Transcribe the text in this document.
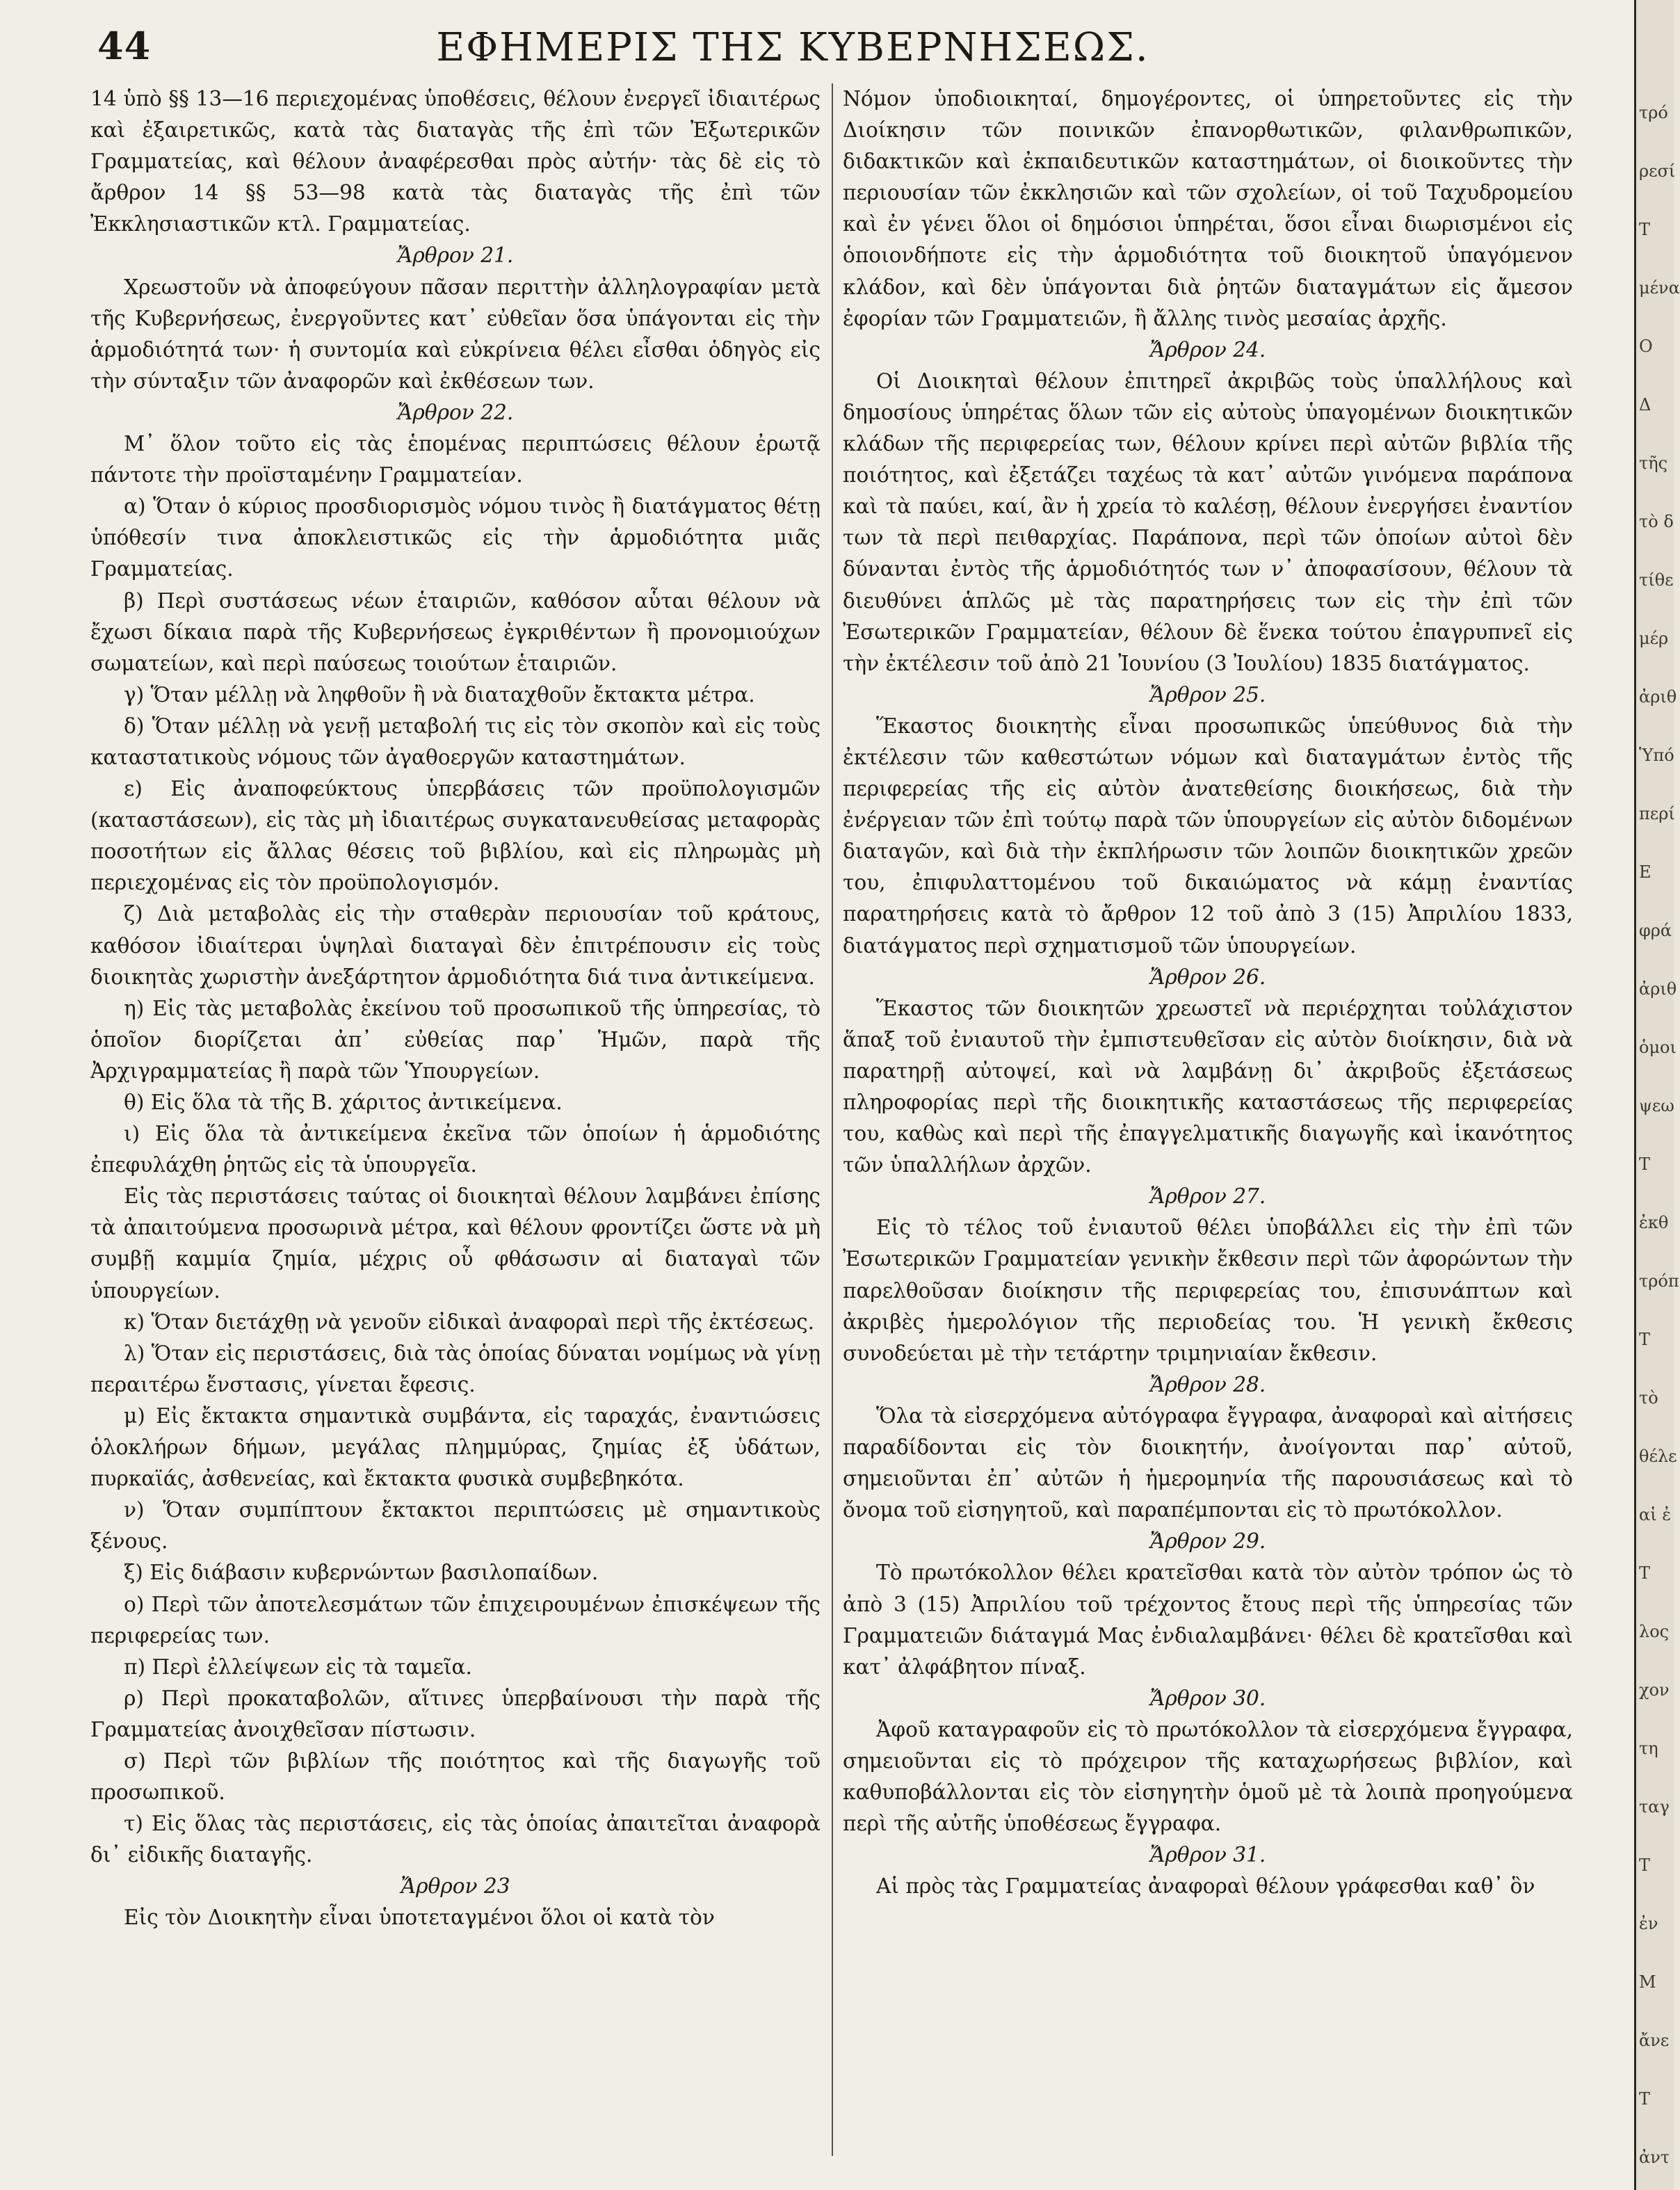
44	ΕΦΗΜΕΡΙΣ ΤΗΣ ΚΥΒΕΡΝΗΣΕΩΣ.

14 ὑπὸ §§ 13—16 περιεχομένας ὑποθέσεις, θέλουν ἐνεργεῖ ἰδιαιτέρως καὶ ἐξαιρετικῶς, κατὰ τὰς διαταγὰς τῆς ἐπὶ τῶν Ἐξωτερικῶν Γραμματείας, καὶ θέλουν ἀναφέρεσθαι πρὸς αὐτήν· τὰς δὲ εἰς τὸ ἄρθρον 14 §§ 53—98 κατὰ τὰς διαταγὰς τῆς ἐπὶ τῶν Ἐκκλησιαστικῶν κτλ. Γραμματείας.

Ἄρθρον 21.

Χρεωστοῦν νὰ ἀποφεύγουν πᾶσαν περιττὴν ἀλληλογραφίαν μετὰ τῆς Κυβερνήσεως, ἐνεργοῦντες κατ᾽ εὐθεῖαν ὅσα ὑπάγονται εἰς τὴν ἁρμοδιότητά των· ἡ συντομία καὶ εὐκρίνεια θέλει εἶσθαι ὁδηγὸς εἰς τὴν σύνταξιν τῶν ἀναφορῶν καὶ ἐκθέσεων των.

Ἄρθρον 22.

Μ᾽ ὅλον τοῦτο εἰς τὰς ἑπομένας περιπτώσεις θέλουν ἐρωτᾷ πάντοτε τὴν προϊσταμένην Γραμματείαν.

α) Ὅταν ὁ κύριος προσδιορισμὸς νόμου τινὸς ἢ διατάγματος θέτῃ ὑπόθεσίν τινα ἀποκλειστικῶς εἰς τὴν ἁρμοδιότητα μιᾶς Γραμματείας.

β) Περὶ συστάσεως νέων ἑταιριῶν, καθόσον αὗται θέλουν νὰ ἔχωσι δίκαια παρὰ τῆς Κυβερνήσεως ἐγκριθέντων ἢ προνομιούχων σωματείων, καὶ περὶ παύσεως τοιούτων ἑταιριῶν.

γ) Ὅταν μέλλῃ νὰ ληφθοῦν ἢ νὰ διαταχθοῦν ἔκτακτα μέτρα.

δ) Ὅταν μέλλῃ νὰ γενῇ μεταβολή τις εἰς τὸν σκοπὸν καὶ εἰς τοὺς καταστατικοὺς νόμους τῶν ἀγαθοεργῶν καταστημάτων.

ε) Εἰς ἀναποφεύκτους ὑπερβάσεις τῶν προϋπολογισμῶν (καταστάσεων), εἰς τὰς μὴ ἰδιαιτέρως συγκατανευθείσας μεταφορὰς ποσοτήτων εἰς ἄλλας θέσεις τοῦ βιβλίου, καὶ εἰς πληρωμὰς μὴ περιεχομένας εἰς τὸν προϋπολογισμόν.

ζ) Διὰ μεταβολὰς εἰς τὴν σταθερὰν περιουσίαν τοῦ κράτους, καθόσον ἰδιαίτεραι ὑψηλαὶ διαταγαὶ δὲν ἐπιτρέπουσιν εἰς τοὺς διοικητὰς χωριστὴν ἀνεξάρτητον ἁρμοδιότητα διά τινα ἀντικείμενα.

η) Εἰς τὰς μεταβολὰς ἐκείνου τοῦ προσωπικοῦ τῆς ὑπηρεσίας, τὸ ὁποῖον διορίζεται ἀπ᾽ εὐθείας παρ᾽ Ἡμῶν, παρὰ τῆς Ἀρχιγραμματείας ἢ παρὰ τῶν Ὑπουργείων.

θ) Εἰς ὅλα τὰ τῆς Β. χάριτος ἀντικείμενα.

ι) Εἰς ὅλα τὰ ἀντικείμενα ἐκεῖνα τῶν ὁποίων ἡ ἁρμοδιότης ἐπεφυλάχθη ῥητῶς εἰς τὰ ὑπουργεῖα.

Εἰς τὰς περιστάσεις ταύτας οἱ διοικηταὶ θέλουν λαμβάνει ἐπίσης τὰ ἀπαιτούμενα προσωρινὰ μέτρα, καὶ θέλουν φροντίζει ὥστε νὰ μὴ συμβῇ καμμία ζημία, μέχρις οὗ φθάσωσιν αἱ διαταγαὶ τῶν ὑπουργείων.

κ) Ὅταν διετάχθῃ νὰ γενοῦν εἰδικαὶ ἀναφοραὶ περὶ τῆς ἐκτέσεως.

λ) Ὅταν εἰς περιστάσεις, διὰ τὰς ὁποίας δύναται νομίμως νὰ γίνῃ περαιτέρω ἔνστασις, γίνεται ἔφεσις.

μ) Εἰς ἔκτακτα σημαντικὰ συμβάντα, εἰς ταραχάς, ἐναντιώσεις ὁλοκλήρων δήμων, μεγάλας πλημμύρας, ζημίας ἐξ ὑδάτων, πυρκαϊάς, ἀσθενείας, καὶ ἔκτακτα φυσικὰ συμβεβηκότα.

ν) Ὅταν συμπίπτουν ἔκτακτοι περιπτώσεις μὲ σημαντικοὺς ξένους.

ξ) Εἰς διάβασιν κυβερνώντων βασιλοπαίδων.

ο) Περὶ τῶν ἀποτελεσμάτων τῶν ἐπιχειρουμένων ἐπισκέψεων τῆς περιφερείας των.

π) Περὶ ἐλλείψεων εἰς τὰ ταμεῖα.

ρ) Περὶ προκαταβολῶν, αἵτινες ὑπερβαίνουσι τὴν παρὰ τῆς Γραμματείας ἀνοιχθεῖσαν πίστωσιν.

σ) Περὶ τῶν βιβλίων τῆς ποιότητος καὶ τῆς διαγωγῆς τοῦ προσωπικοῦ.

τ) Εἰς ὅλας τὰς περιστάσεις, εἰς τὰς ὁποίας ἀπαιτεῖται ἀναφορὰ δι᾽ εἰδικῆς διαταγῆς.

Ἄρθρον 23

Εἰς τὸν Διοικητὴν εἶναι ὑποτεταγμένοι ὅλοι οἱ κατὰ τὸν

Νόμον ὑποδιοικηταί, δημογέροντες, οἱ ὑπηρετοῦντες εἰς τὴν Διοίκησιν τῶν ποινικῶν ἐπανορθωτικῶν, φιλανθρωπικῶν, διδακτικῶν καὶ ἐκπαιδευτικῶν καταστημάτων, οἱ διοικοῦντες τὴν περιουσίαν τῶν ἐκκλησιῶν καὶ τῶν σχολείων, οἱ τοῦ Ταχυδρομείου καὶ ἐν γένει ὅλοι οἱ δημόσιοι ὑπηρέται, ὅσοι εἶναι διωρισμένοι εἰς ὁποιονδήποτε εἰς τὴν ἁρμοδιότητα τοῦ διοικητοῦ ὑπαγόμενον κλάδον, καὶ δὲν ὑπάγονται διὰ ῥητῶν διαταγμάτων εἰς ἄμεσον ἐφορίαν τῶν Γραμματειῶν, ἢ ἄλλης τινὸς μεσαίας ἀρχῆς.

Ἄρθρον 24.

Οἱ Διοικηταὶ θέλουν ἐπιτηρεῖ ἀκριβῶς τοὺς ὑπαλλήλους καὶ δημοσίους ὑπηρέτας ὅλων τῶν εἰς αὐτοὺς ὑπαγομένων διοικητικῶν κλάδων τῆς περιφερείας των, θέλουν κρίνει περὶ αὐτῶν βιβλία τῆς ποιότητος, καὶ ἐξετάζει ταχέως τὰ κατ᾽ αὐτῶν γινόμενα παράπονα καὶ τὰ παύει, καί, ἂν ἡ χρεία τὸ καλέσῃ, θέλουν ἐνεργήσει ἐναντίον των τὰ περὶ πειθαρχίας. Παράπονα, περὶ τῶν ὁποίων αὐτοὶ δὲν δύνανται ἐντὸς τῆς ἁρμοδιότητός των ν᾽ ἀποφασίσουν, θέλουν τὰ διευθύνει ἁπλῶς μὲ τὰς παρατηρήσεις των εἰς τὴν ἐπὶ τῶν Ἐσωτερικῶν Γραμματείαν, θέλουν δὲ ἕνεκα τούτου ἐπαγρυπνεῖ εἰς τὴν ἐκτέλεσιν τοῦ ἀπὸ 21 Ἰουνίου (3 Ἰουλίου) 1835 διατάγματος.

Ἄρθρον 25.

Ἕκαστος διοικητὴς εἶναι προσωπικῶς ὑπεύθυνος διὰ τὴν ἐκτέλεσιν τῶν καθεστώτων νόμων καὶ διαταγμάτων ἐντὸς τῆς περιφερείας τῆς εἰς αὐτὸν ἀνατεθείσης διοικήσεως, διὰ τὴν ἐνέργειαν τῶν ἐπὶ τούτῳ παρὰ τῶν ὑπουργείων εἰς αὐτὸν διδομένων διαταγῶν, καὶ διὰ τὴν ἐκπλήρωσιν τῶν λοιπῶν διοικητικῶν χρεῶν του, ἐπιφυλαττομένου τοῦ δικαιώματος νὰ κάμῃ ἐναντίας παρατηρήσεις κατὰ τὸ ἄρθρον 12 τοῦ ἀπὸ 3 (15) Ἀπριλίου 1833, διατάγματος περὶ σχηματισμοῦ τῶν ὑπουργείων.

Ἄρθρον 26.

Ἕκαστος τῶν διοικητῶν χρεωστεῖ νὰ περιέρχηται τοὐλάχιστον ἅπαξ τοῦ ἐνιαυτοῦ τὴν ἐμπιστευθεῖσαν εἰς αὐτὸν διοίκησιν, διὰ νὰ παρατηρῇ αὐτοψεί, καὶ νὰ λαμβάνῃ δι᾽ ἀκριβοῦς ἐξετάσεως πληροφορίας περὶ τῆς διοικητικῆς καταστάσεως τῆς περιφερείας του, καθὼς καὶ περὶ τῆς ἐπαγγελματικῆς διαγωγῆς καὶ ἱκανότητος τῶν ὑπαλλήλων ἀρχῶν.

Ἄρθρον 27.

Εἰς τὸ τέλος τοῦ ἐνιαυτοῦ θέλει ὑποβάλλει εἰς τὴν ἐπὶ τῶν Ἐσωτερικῶν Γραμματείαν γενικὴν ἔκθεσιν περὶ τῶν ἀφορώντων τὴν παρελθοῦσαν διοίκησιν τῆς περιφερείας του, ἐπισυνάπτων καὶ ἀκριβὲς ἡμερολόγιον τῆς περιοδείας του. Ἡ γενικὴ ἔκθεσις συνοδεύεται μὲ τὴν τετάρτην τριμηνιαίαν ἔκθεσιν.

Ἄρθρον 28.

Ὅλα τὰ εἰσερχόμενα αὐτόγραφα ἔγγραφα, ἀναφοραὶ καὶ αἰτήσεις παραδίδονται εἰς τὸν διοικητήν, ἀνοίγονται παρ᾽ αὐτοῦ, σημειοῦνται ἐπ᾽ αὐτῶν ἡ ἡμερομηνία τῆς παρουσιάσεως καὶ τὸ ὄνομα τοῦ εἰσηγητοῦ, καὶ παραπέμπονται εἰς τὸ πρωτόκολλον.

Ἄρθρον 29.

Τὸ πρωτόκολλον θέλει κρατεῖσθαι κατὰ τὸν αὐτὸν τρόπον ὡς τὸ ἀπὸ 3 (15) Ἀπριλίου τοῦ τρέχοντος ἔτους περὶ τῆς ὑπηρεσίας τῶν Γραμματειῶν διάταγμά Μας ἐνδιαλαμβάνει· θέλει δὲ κρατεῖσθαι καὶ κατ᾽ ἀλφάβητον πίναξ.

Ἄρθρον 30.

Ἀφοῦ καταγραφοῦν εἰς τὸ πρωτόκολλον τὰ εἰσερχόμενα ἔγγραφα, σημειοῦνται εἰς τὸ πρόχειρον τῆς καταχωρήσεως βιβλίον, καὶ καθυποβάλλονται εἰς τὸν εἰσηγητὴν ὁμοῦ μὲ τὰ λοιπὰ προηγούμενα περὶ τῆς αὐτῆς ὑποθέσεως ἔγγραφα.

Ἄρθρον 31.

Αἱ πρὸς τὰς Γραμματείας ἀναφοραὶ θέλουν γράφεσθαι καθ᾽ ὃν

τρό
ρεσί
Τ
μένα
Ο
Δ
τῆς
τὸ δ
τίθε
μέρ
ἀριθ
Ὑπό
περί
Ε
φρά
ἀριθ
ὁμοι
ψεω
Τ
ἐκθ
τρόπ
Τ
τὸ
θέλε
αἱ ἐ
Τ
λος
χον
τη
ταγ
Τ
ἐν
Μ
ἄνε
Τ
ἀντ
